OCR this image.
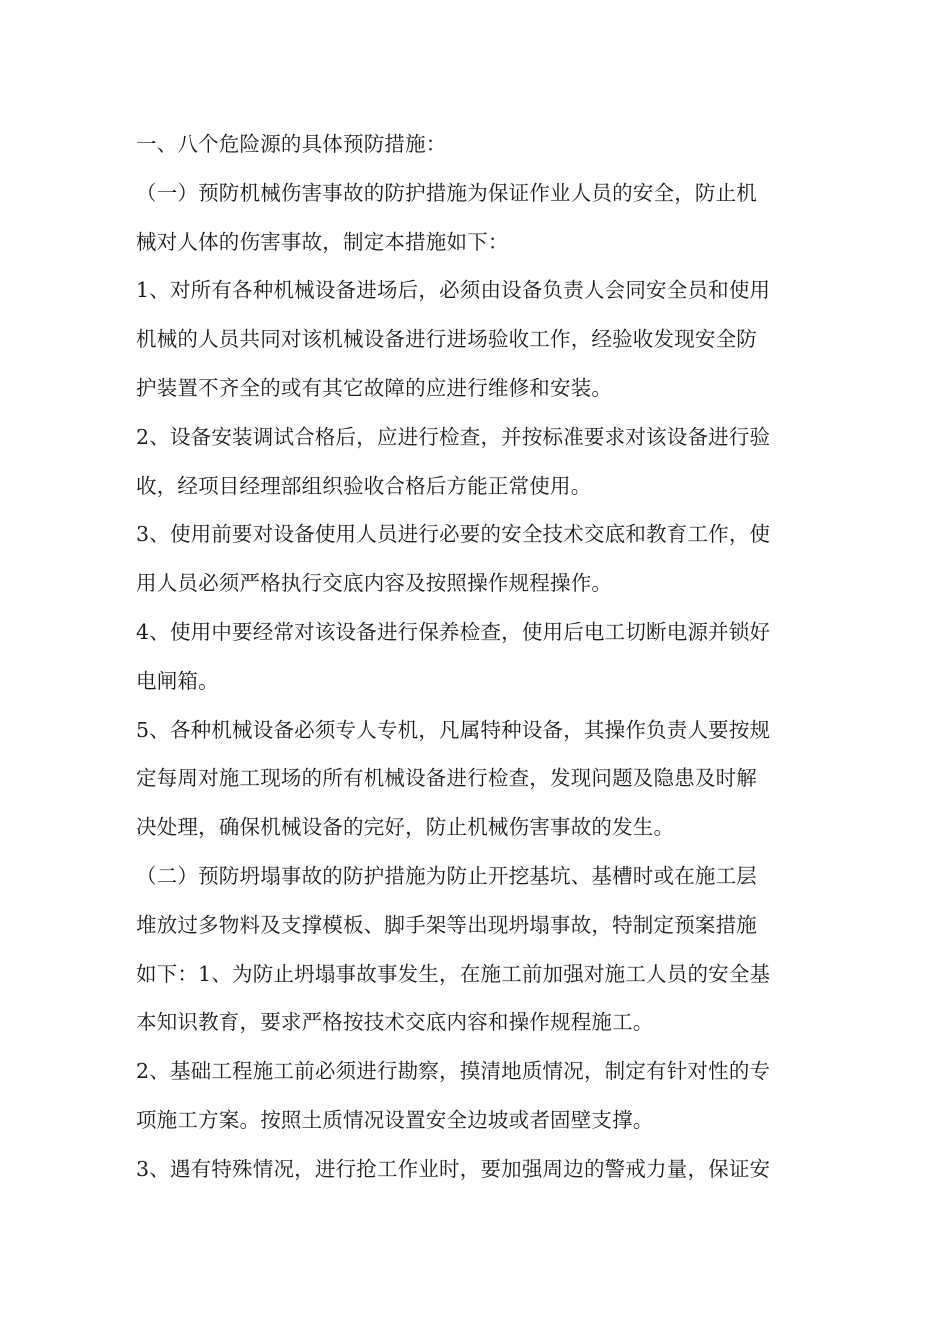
一、八个危险源的具体预防措施：
（一）预防机械伤害事故的防护措施为保证作业人员的安全，防止机
械对人体的伤害事故，制定本措施如下：
1、对所有各种机械设备进场后，必须由设备负责人会同安全员和使用
机械的人员共同对该机械设备进行进场验收工作，经验收发现安全防
护装置不齐全的或有其它故障的应进行维修和安装。
2、设备安装调试合格后，应进行检查，并按标准要求对该设备进行验
收，经项目经理部组织验收合格后方能正常使用。
3、使用前要对设备使用人员进行必要的安全技术交底和教育工作，使
用人员必须严格执行交底内容及按照操作规程操作。
4、使用中要经常对该设备进行保养检查，使用后电工切断电源并锁好
电闸箱。
5、各种机械设备必须专人专机，凡属特种设备，其操作负责人要按规
定每周对施工现场的所有机械设备进行检查，发现问题及隐患及时解
决处理，确保机械设备的完好，防止机械伤害事故的发生。
（二）预防坍塌事故的防护措施为防止开挖基坑、基槽时或在施工层
堆放过多物料及支撑模板、脚手架等出现坍塌事故，特制定预案措施
如下：1、为防止坍塌事故事发生，在施工前加强对施工人员的安全基
本知识教育，要求严格按技术交底内容和操作规程施工。
2、基础工程施工前必须进行勘察，摸清地质情况，制定有针对性的专
项施工方案。按照土质情况设置安全边坡或者固壁支撑。
3、遇有特殊情况，进行抢工作业时，要加强周边的警戒力量，保证安
